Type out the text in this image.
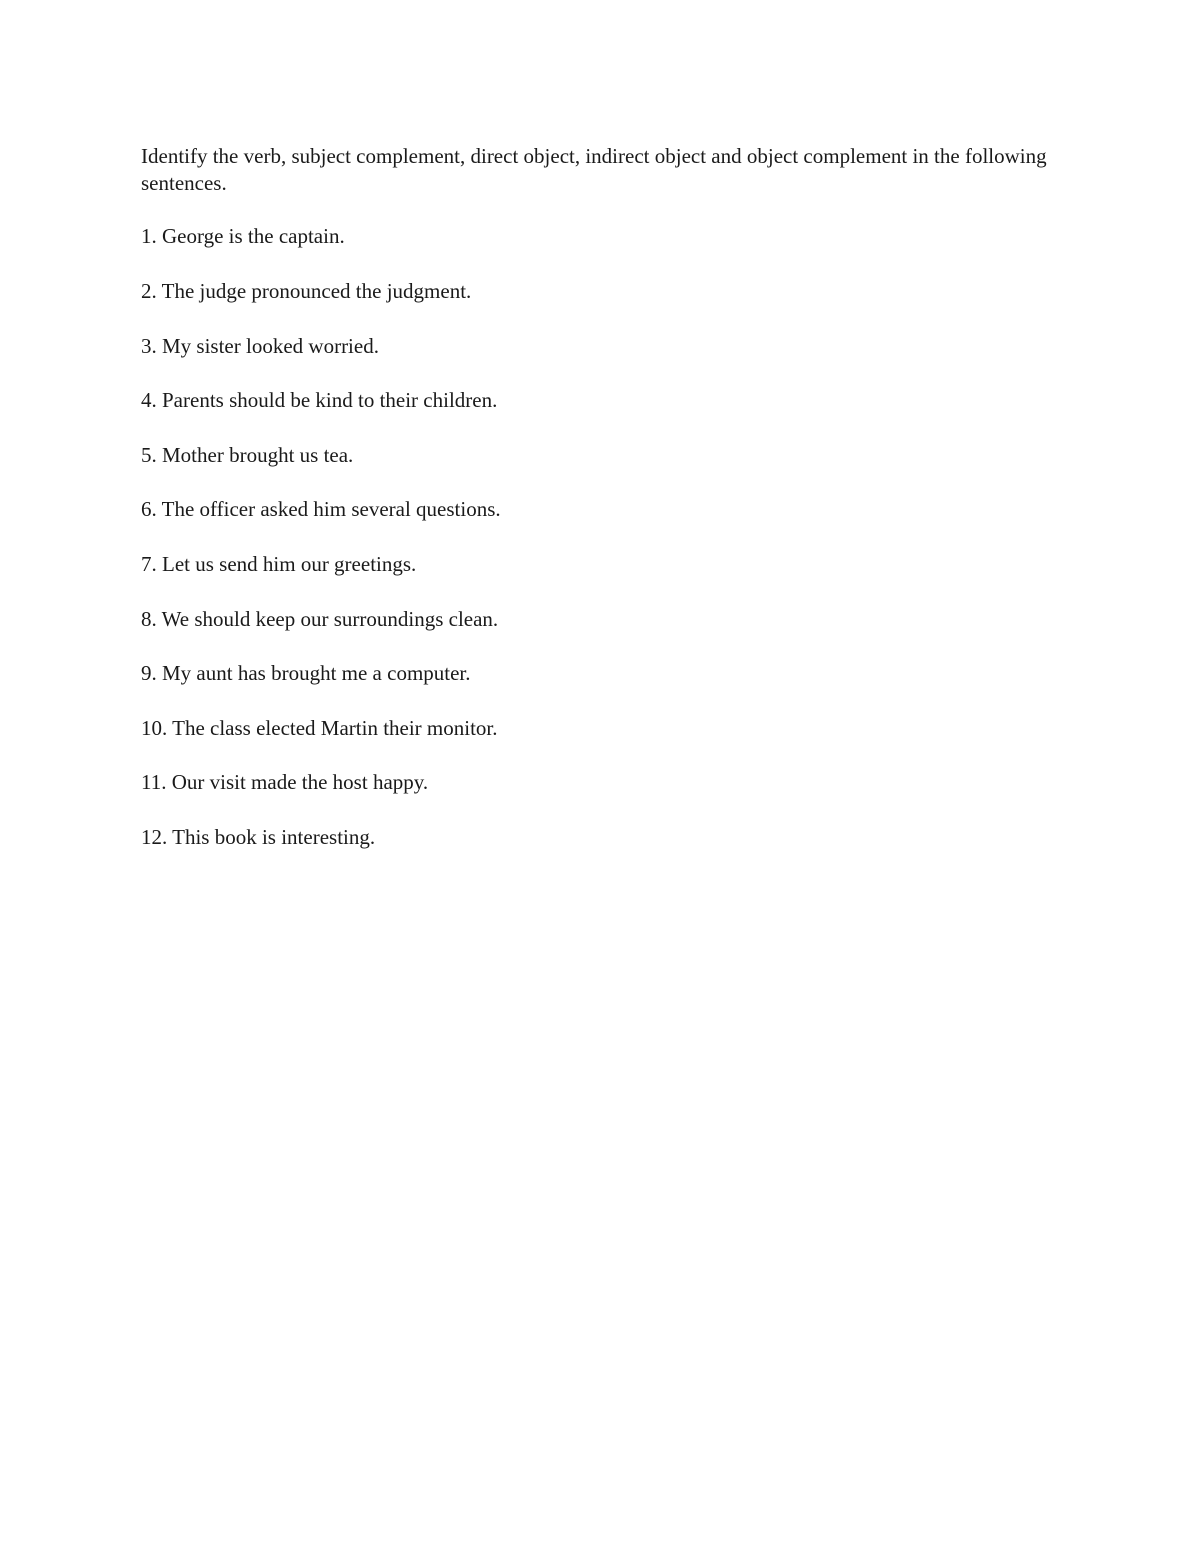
Identify the verb, subject complement, direct object, indirect object and object complement in the following sentences.

1. George is the captain.
2. The judge pronounced the judgment.
3. My sister looked worried.
4. Parents should be kind to their children.
5. Mother brought us tea.
6. The officer asked him several questions.
7. Let us send him our greetings.
8. We should keep our surroundings clean.
9. My aunt has brought me a computer.
10. The class elected Martin their monitor.
11. Our visit made the host happy.
12. This book is interesting.
